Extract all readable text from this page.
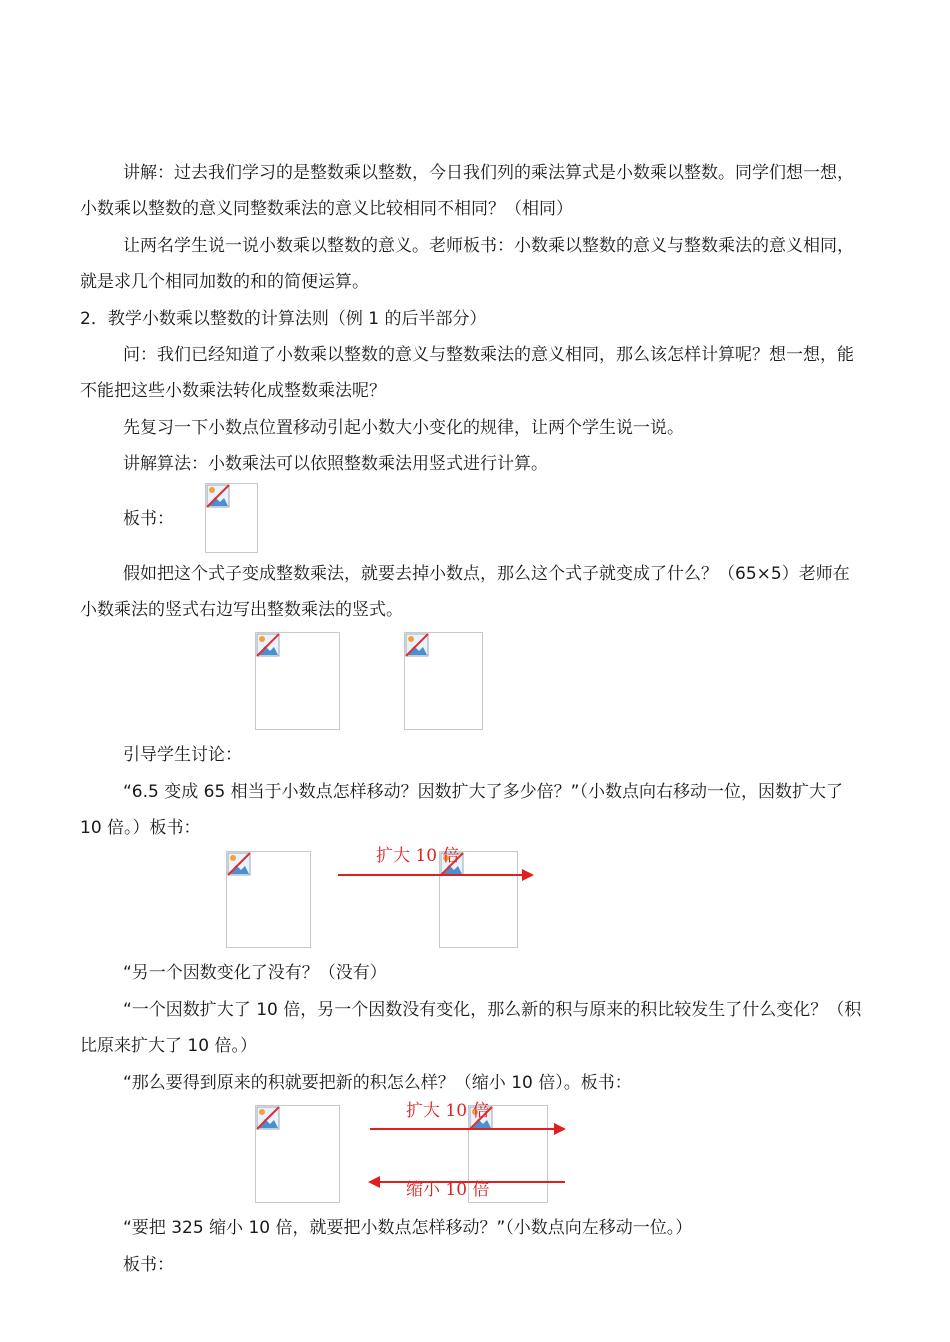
讲解：过去我们学习的是整数乘以整数，今日我们列的乘法算式是小数乘以整数。同学们想一想，
小数乘以整数的意义同整数乘法的意义比较相同不相同？（相同）
让两名学生说一说小数乘以整数的意义。老师板书：小数乘以整数的意义与整数乘法的意义相同，
就是求几个相同加数的和的简便运算。
2．教学小数乘以整数的计算法则（例 1 的后半部分）
问：我们已经知道了小数乘以整数的意义与整数乘法的意义相同，那么该怎样计算呢？想一想，能
不能把这些小数乘法转化成整数乘法呢？
先复习一下小数点位置移动引起小数大小变化的规律，让两个学生说一说。
讲解算法：小数乘法可以依照整数乘法用竖式进行计算。
板书：
假如把这个式子变成整数乘法，就要去掉小数点，那么这个式子就变成了什么？（65×5）老师在
小数乘法的竖式右边写出整数乘法的竖式。
引导学生讨论：
“6.5 变成 65 相当于小数点怎样移动？因数扩大了多少倍？”（小数点向右移动一位，因数扩大了
10 倍。）板书：
扩大 10 倍
“另一个因数变化了没有？（没有）
“一个因数扩大了 10 倍，另一个因数没有变化，那么新的积与原来的积比较发生了什么变化？（积
比原来扩大了 10 倍。）
“那么要得到原来的积就要把新的积怎么样？（缩小 10 倍）。板书：
扩大 10 倍
缩小 10 倍
“要把 325 缩小 10 倍，就要把小数点怎样移动？”（小数点向左移动一位。）
板书：
